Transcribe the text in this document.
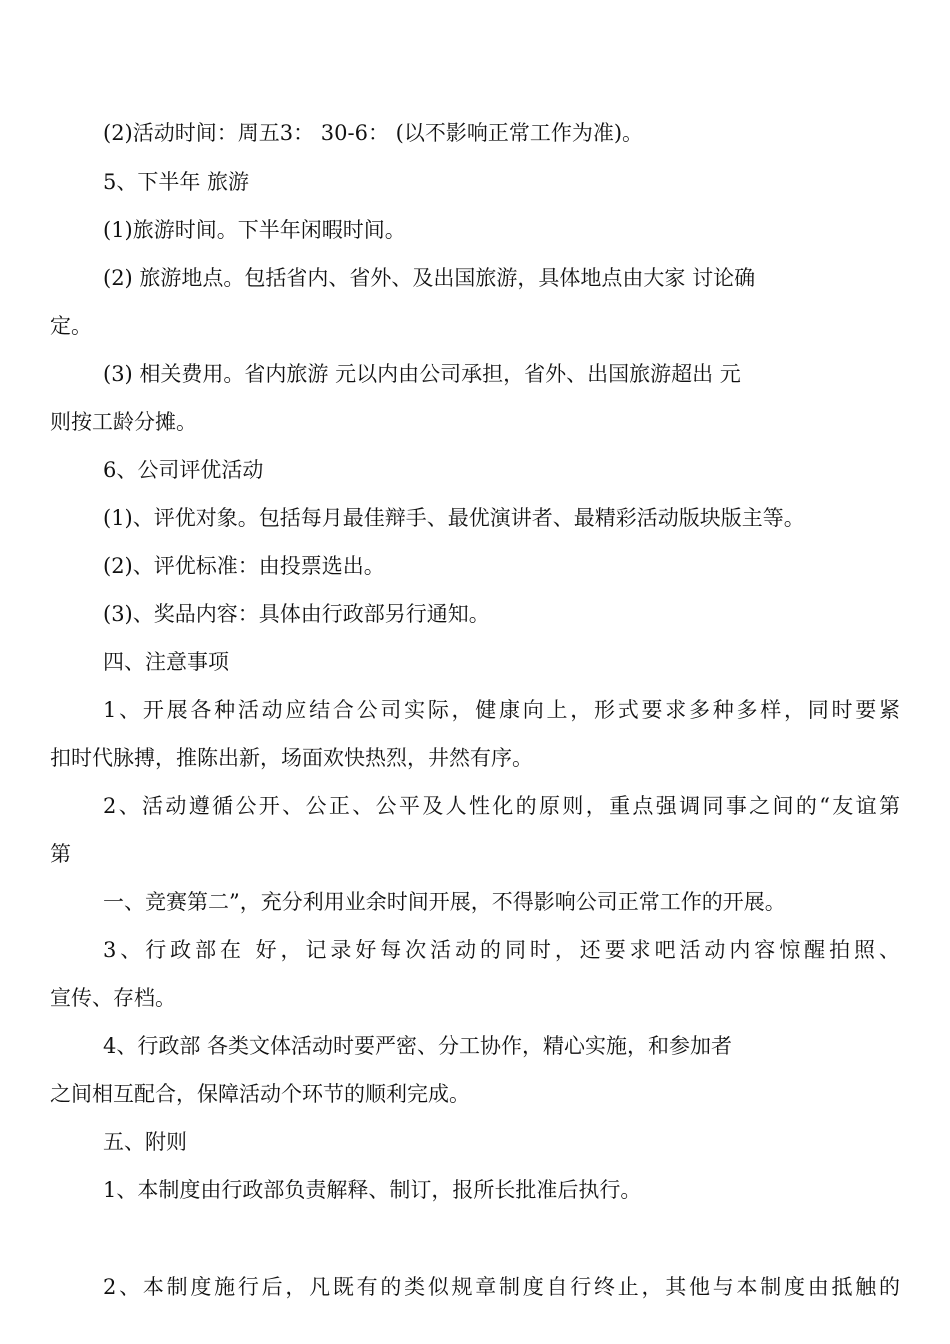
(2)活动时间：周五3： 30-6： (以不影响正常工作为准)。
5、下半年 旅游
(1)旅游时间。下半年闲暇时间。
(2) 旅游地点。包括省内、省外、及出国旅游，具体地点由大家 讨论确
定。
(3) 相关费用。省内旅游 元以内由公司承担，省外、出国旅游超出 元
则按工龄分摊。
6、公司评优活动
(1)、评优对象。包括每月最佳辩手、最优演讲者、最精彩活动版块版主等。
(2)、评优标准：由投票选出。
(3)、奖品内容：具体由行政部另行通知。
四、注意事项
1、开展各种活动应结合公司实际，健康向上，形式要求多种多样，同时要紧
扣时代脉搏，推陈出新，场面欢快热烈，井然有序。
2、活动遵循公开、公正、公平及人性化的原则，重点强调同事之间的“友谊第
第
一、竞赛第二”，充分利用业余时间开展，不得影响公司正常工作的开展。
3、行政部在 好，记录好每次活动的同时，还要求吧活动内容惊醒拍照、
宣传、存档。
4、行政部 各类文体活动时要严密、分工协作，精心实施，和参加者
之间相互配合，保障活动个环节的顺利完成。
五、附则
1、本制度由行政部负责解释、制订，报所长批准后执行。
2、本制度施行后，凡既有的类似规章制度自行终止，其他与本制度由抵触的
